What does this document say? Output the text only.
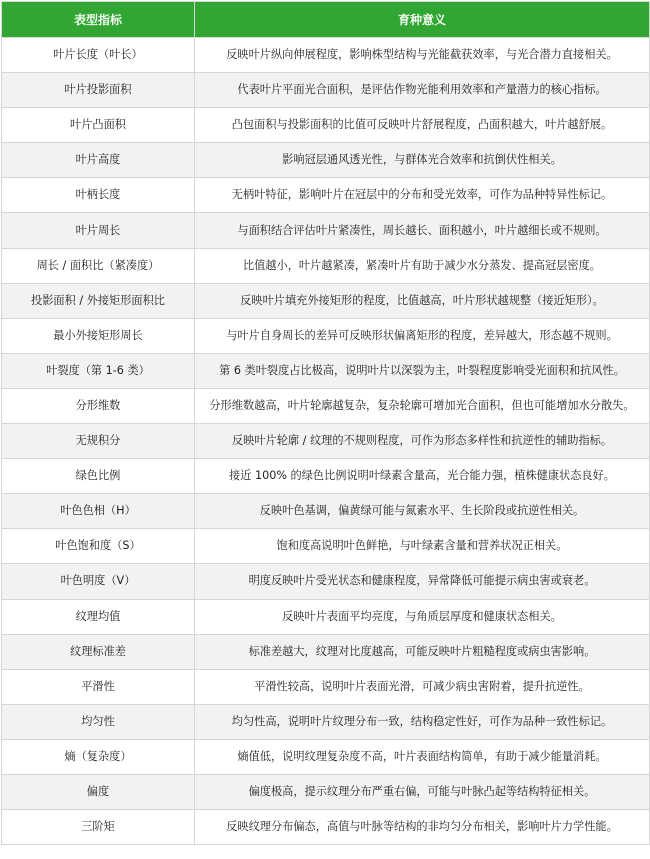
表型指标	育种意义
叶片长度（叶长）	反映叶片纵向伸展程度，影响株型结构与光能截获效率，与光合潜力直接相关。
叶片投影面积	代表叶片平面光合面积，是评估作物光能利用效率和产量潜力的核心指标。
叶片凸面积	凸包面积与投影面积的比值可反映叶片舒展程度，凸面积越大，叶片越舒展。
叶片高度	影响冠层通风透光性，与群体光合效率和抗倒伏性相关。
叶柄长度	无柄叶特征，影响叶片在冠层中的分布和受光效率，可作为品种特异性标记。
叶片周长	与面积结合评估叶片紧凑性，周长越长、面积越小，叶片越细长或不规则。
周长 / 面积比（紧凑度）	比值越小，叶片越紧凑，紧凑叶片有助于减少水分蒸发、提高冠层密度。
投影面积 / 外接矩形面积比	反映叶片填充外接矩形的程度，比值越高，叶片形状越规整（接近矩形）。
最小外接矩形周长	与叶片自身周长的差异可反映形状偏离矩形的程度，差异越大，形态越不规则。
叶裂度（第 1-6 类）	第 6 类叶裂度占比极高，说明叶片以深裂为主，叶裂程度影响受光面积和抗风性。
分形维数	分形维数越高，叶片轮廓越复杂，复杂轮廓可增加光合面积，但也可能增加水分散失。
无规积分	反映叶片轮廓 / 纹理的不规则程度，可作为形态多样性和抗逆性的辅助指标。
绿色比例	接近 100% 的绿色比例说明叶绿素含量高，光合能力强，植株健康状态良好。
叶色色相（H）	反映叶色基调，偏黄绿可能与氮素水平、生长阶段或抗逆性相关。
叶色饱和度（S）	饱和度高说明叶色鲜艳，与叶绿素含量和营养状况正相关。
叶色明度（V）	明度反映叶片受光状态和健康程度，异常降低可能提示病虫害或衰老。
纹理均值	反映叶片表面平均亮度，与角质层厚度和健康状态相关。
纹理标准差	标准差越大，纹理对比度越高，可能反映叶片粗糙程度或病虫害影响。
平滑性	平滑性较高，说明叶片表面光滑，可减少病虫害附着，提升抗逆性。
均匀性	均匀性高，说明叶片纹理分布一致，结构稳定性好，可作为品种一致性标记。
熵（复杂度）	熵值低，说明纹理复杂度不高，叶片表面结构简单，有助于减少能量消耗。
偏度	偏度极高，提示纹理分布严重右偏，可能与叶脉凸起等结构特征相关。
三阶矩	反映纹理分布偏态，高值与叶脉等结构的非均匀分布相关，影响叶片力学性能。
